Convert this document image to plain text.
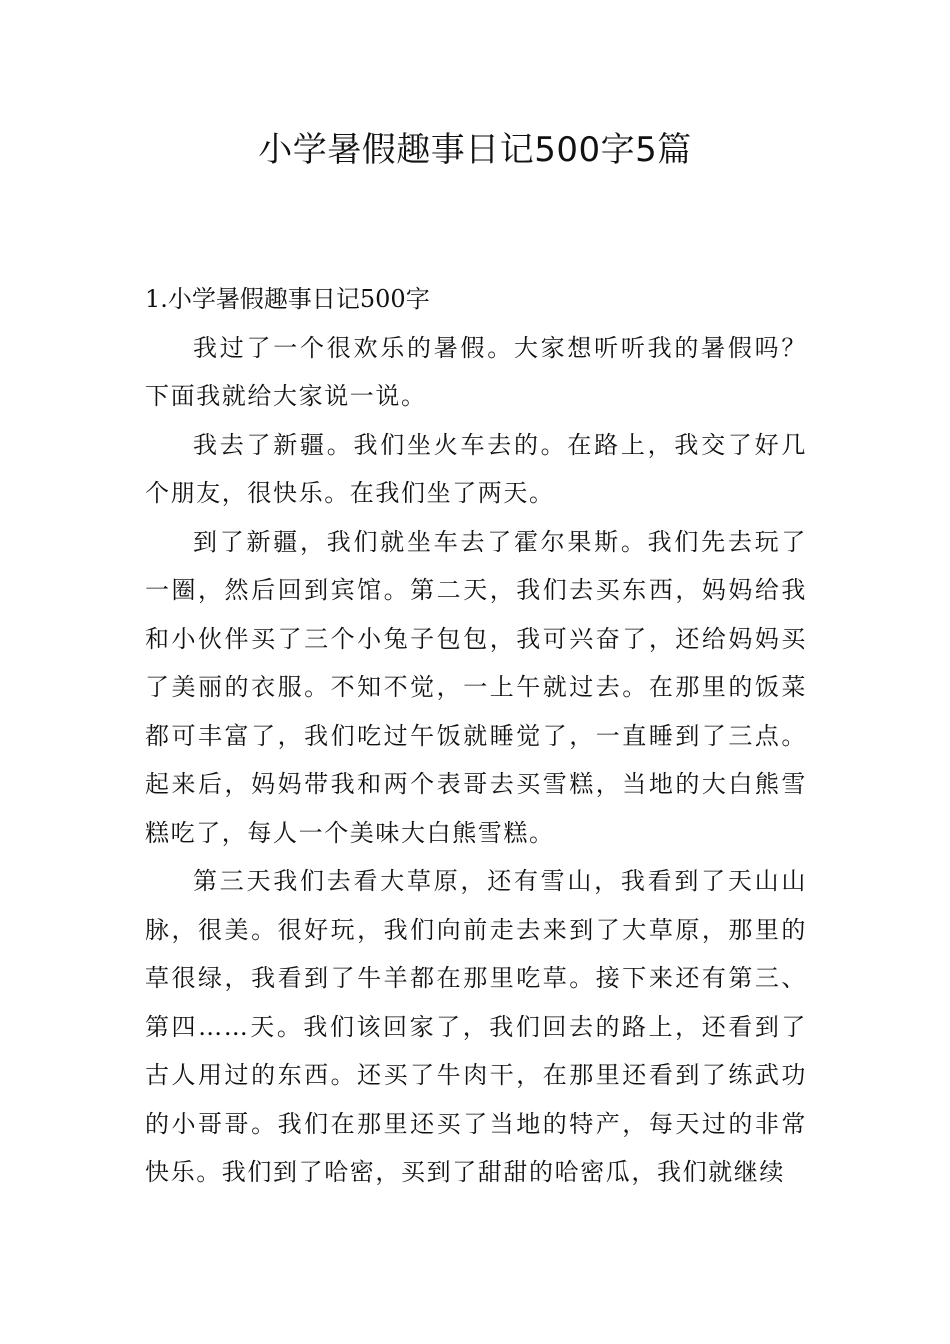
小学暑假趣事日记500字5篇
1.小学暑假趣事日记500字

我过了一个很欢乐的暑假。大家想听听我的暑假吗？下面我就给大家说一说。

我去了新疆。我们坐火车去的。在路上，我交了好几个朋友，很快乐。在我们坐了两天。

到了新疆，我们就坐车去了霍尔果斯。我们先去玩了一圈，然后回到宾馆。第二天，我们去买东西，妈妈给我和小伙伴买了三个小兔子包包，我可兴奋了，还给妈妈买了美丽的衣服。不知不觉，一上午就过去。在那里的饭菜都可丰富了，我们吃过午饭就睡觉了，一直睡到了三点。起来后，妈妈带我和两个表哥去买雪糕，当地的大白熊雪糕吃了，每人一个美味大白熊雪糕。

第三天我们去看大草原，还有雪山，我看到了天山山脉，很美。很好玩，我们向前走去来到了大草原，那里的草很绿，我看到了牛羊都在那里吃草。接下来还有第三、第四……天。我们该回家了，我们回去的路上，还看到了古人用过的东西。还买了牛肉干，在那里还看到了练武功的小哥哥。我们在那里还买了当地的特产，每天过的非常快乐。我们到了哈密，买到了甜甜的哈密瓜，我们就继续
